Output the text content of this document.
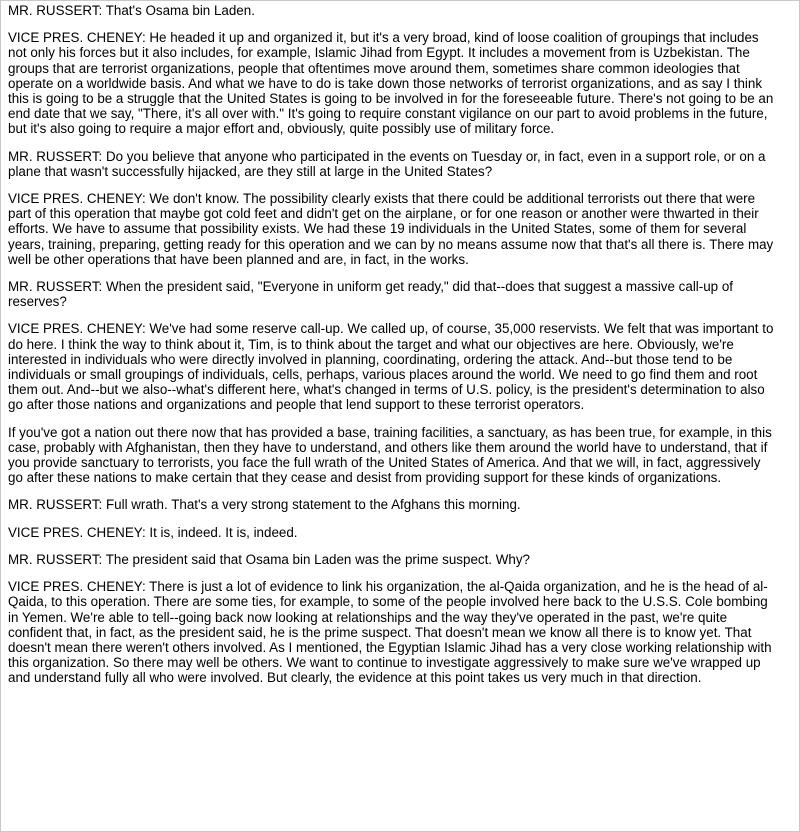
MR. RUSSERT: That's Osama bin Laden.

VICE PRES. CHENEY: He headed it up and organized it, but it's a very broad, kind of loose coalition of groupings that includes not only his forces but it also includes, for example, Islamic Jihad from Egypt. It includes a movement from is Uzbekistan. The groups that are terrorist organizations, people that oftentimes move around them, sometimes share common ideologies that operate on a worldwide basis. And what we have to do is take down those networks of terrorist organizations, and as say I think this is going to be a struggle that the United States is going to be involved in for the foreseeable future. There's not going to be an end date that we say, "There, it's all over with." It's going to require constant vigilance on our part to avoid problems in the future, but it's also going to require a major effort and, obviously, quite possibly use of military force.

MR. RUSSERT: Do you believe that anyone who participated in the events on Tuesday or, in fact, even in a support role, or on a plane that wasn't successfully hijacked, are they still at large in the United States?

VICE PRES. CHENEY: We don't know. The possibility clearly exists that there could be additional terrorists out there that were part of this operation that maybe got cold feet and didn't get on the airplane, or for one reason or another were thwarted in their efforts. We have to assume that possibility exists. We had these 19 individuals in the United States, some of them for several years, training, preparing, getting ready for this operation and we can by no means assume now that that's all there is. There may well be other operations that have been planned and are, in fact, in the works.

MR. RUSSERT: When the president said, "Everyone in uniform get ready," did that--does that suggest a massive call-up of reserves?

VICE PRES. CHENEY: We've had some reserve call-up. We called up, of course, 35,000 reservists. We felt that was important to do here. I think the way to think about it, Tim, is to think about the target and what our objectives are here. Obviously, we're interested in individuals who were directly involved in planning, coordinating, ordering the attack. And--but those tend to be individuals or small groupings of individuals, cells, perhaps, various places around the world. We need to go find them and root them out. And--but we also--what's different here, what's changed in terms of U.S. policy, is the president's determination to also go after those nations and organizations and people that lend support to these terrorist operators.

If you've got a nation out there now that has provided a base, training facilities, a sanctuary, as has been true, for example, in this case, probably with Afghanistan, then they have to understand, and others like them around the world have to understand, that if you provide sanctuary to terrorists, you face the full wrath of the United States of America. And that we will, in fact, aggressively go after these nations to make certain that they cease and desist from providing support for these kinds of organizations.

MR. RUSSERT: Full wrath. That's a very strong statement to the Afghans this morning.

VICE PRES. CHENEY: It is, indeed. It is, indeed.

MR. RUSSERT: The president said that Osama bin Laden was the prime suspect. Why?

VICE PRES. CHENEY: There is just a lot of evidence to link his organization, the al-Qaida organization, and he is the head of al-Qaida, to this operation. There are some ties, for example, to some of the people involved here back to the U.S.S. Cole bombing in Yemen. We're able to tell--going back now looking at relationships and the way they've operated in the past, we're quite confident that, in fact, as the president said, he is the prime suspect. That doesn't mean we know all there is to know yet. That doesn't mean there weren't others involved. As I mentioned, the Egyptian Islamic Jihad has a very close working relationship with this organization. So there may well be others. We want to continue to investigate aggressively to make sure we've wrapped up and understand fully all who were involved. But clearly, the evidence at this point takes us very much in that direction.
